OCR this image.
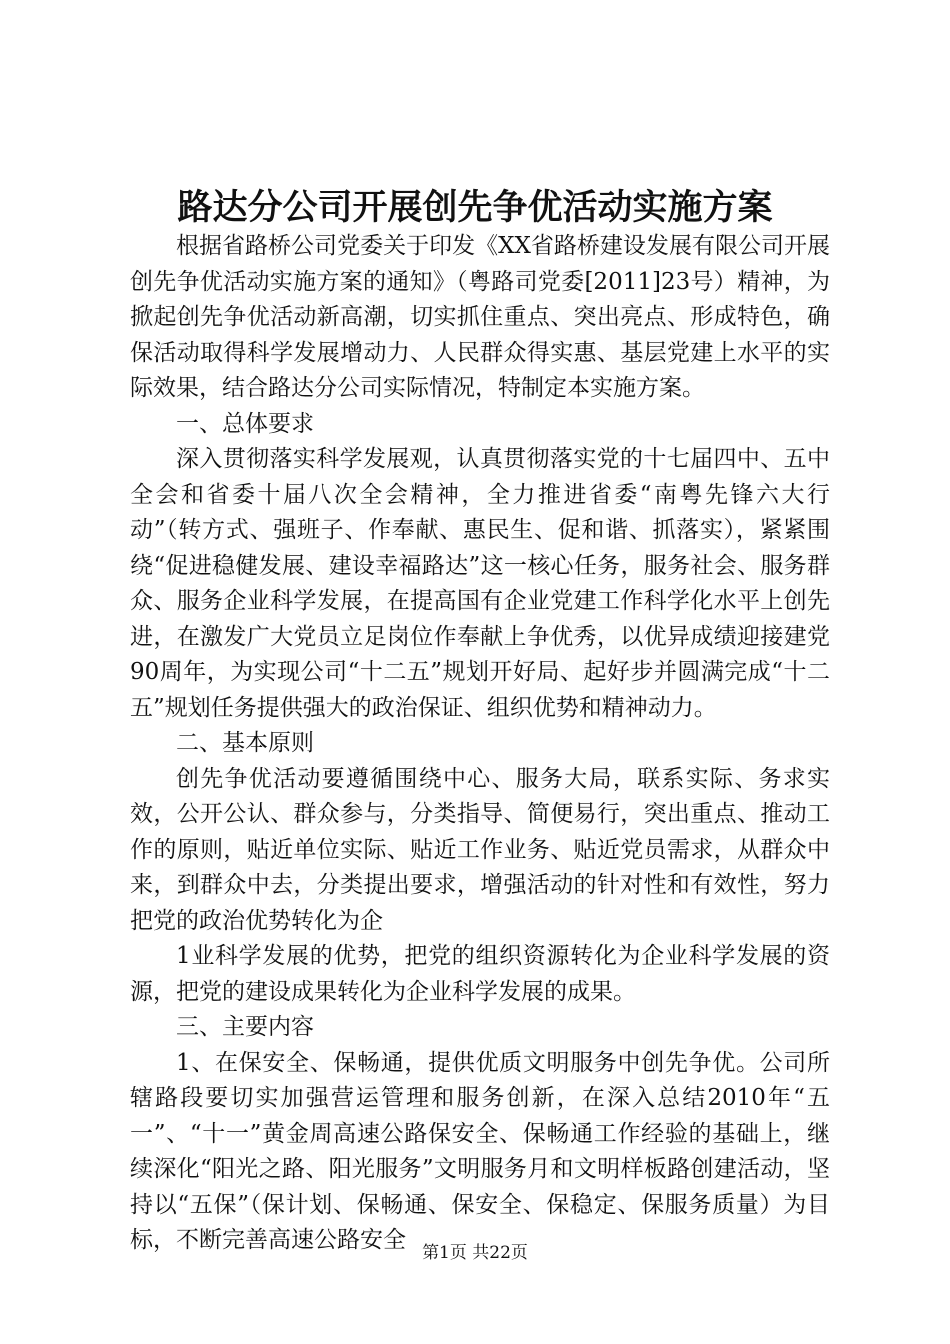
路达分公司开展创先争优活动实施方案

根据省路桥公司党委关于印发《XX省路桥建设发展有限公司开展创先争优活动实施方案的通知》（粤路司党委[2011]23号）精神，为掀起创先争优活动新高潮，切实抓住重点、突出亮点、形成特色，确保活动取得科学发展增动力、人民群众得实惠、基层党建上水平的实际效果，结合路达分公司实际情况，特制定本实施方案。

一、总体要求

深入贯彻落实科学发展观，认真贯彻落实党的十七届四中、五中全会和省委十届八次全会精神，全力推进省委“南粤先锋六大行动”（转方式、强班子、作奉献、惠民生、促和谐、抓落实），紧紧围绕“促进稳健发展、建设幸福路达”这一核心任务，服务社会、服务群众、服务企业科学发展，在提高国有企业党建工作科学化水平上创先进，在激发广大党员立足岗位作奉献上争优秀，以优异成绩迎接建党90周年，为实现公司“十二五”规划开好局、起好步并圆满完成“十二五”规划任务提供强大的政治保证、组织优势和精神动力。

二、基本原则

创先争优活动要遵循围绕中心、服务大局，联系实际、务求实效，公开公认、群众参与，分类指导、简便易行，突出重点、推动工作的原则，贴近单位实际、贴近工作业务、贴近党员需求，从群众中来，到群众中去，分类提出要求，增强活动的针对性和有效性，努力把党的政治优势转化为企

1业科学发展的优势，把党的组织资源转化为企业科学发展的资源，把党的建设成果转化为企业科学发展的成果。

三、主要内容

1、在保安全、保畅通，提供优质文明服务中创先争优。公司所辖路段要切实加强营运管理和服务创新，在深入总结2010年“五一”、“十一”黄金周高速公路保安全、保畅通工作经验的基础上，继续深化“阳光之路、阳光服务”文明服务月和文明样板路创建活动，坚持以“五保”（保计划、保畅通、保安全、保稳定、保服务质量）为目标，不断完善高速公路安全 第1页 共22页
